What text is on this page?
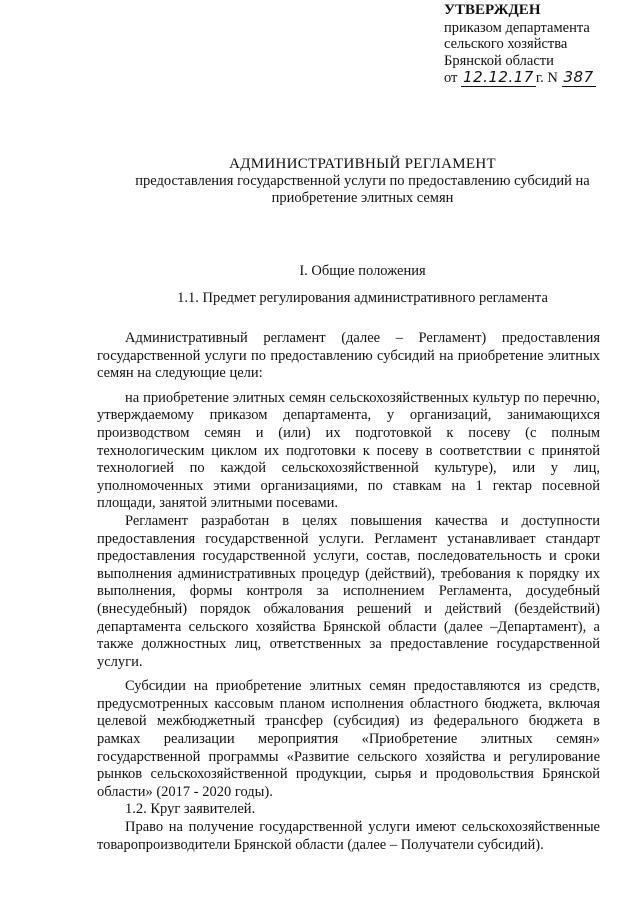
УТВЕРЖДЕН
приказом департамента
сельского хозяйства
Брянской области
от 12.12.17 г. N 387
АДМИНИСТРАТИВНЫЙ РЕГЛАМЕНТ
предоставления государственной услуги по предоставлению субсидий на
приобретение элитных семян
I. Общие положения
1.1. Предмет регулирования административного регламента

Административный регламент (далее – Регламент) предоставления государственной услуги по предоставлению субсидий на приобретение элитных семян на следующие цели:

на приобретение элитных семян сельскохозяйственных культур по перечню, утверждаемому приказом департамента, у организаций, занимающихся производством семян и (или) их подготовкой к посеву (с полным технологическим циклом их подготовки к посеву в соответствии с принятой технологией по каждой сельскохозяйственной культуре), или у лиц, уполномоченных этими организациями, по ставкам на 1 гектар посевной площади, занятой элитными посевами.

Регламент разработан в целях повышения качества и доступности предоставления государственной услуги. Регламент устанавливает стандарт предоставления государственной услуги, состав, последовательность и сроки выполнения административных процедур (действий), требования к порядку их выполнения, формы контроля за исполнением Регламента, досудебный (внесудебный) порядок обжалования решений и действий (бездействий) департамента сельского хозяйства Брянской области (далее –Департамент), а также должностных лиц, ответственных за предоставление государственной услуги.

Субсидии на приобретение элитных семян предоставляются из средств, предусмотренных кассовым планом исполнения областного бюджета, включая целевой межбюджетный трансфер (субсидия) из федерального бюджета в рамках реализации мероприятия «Приобретение элитных семян» государственной программы «Развитие сельского хозяйства и регулирование рынков сельскохозяйственной продукции, сырья и продовольствия Брянской области» (2017 - 2020 годы).

1.2. Круг заявителей.

Право на получение государственной услуги имеют сельскохозяйственные товаропроизводители Брянской области (далее – Получатели субсидий).
